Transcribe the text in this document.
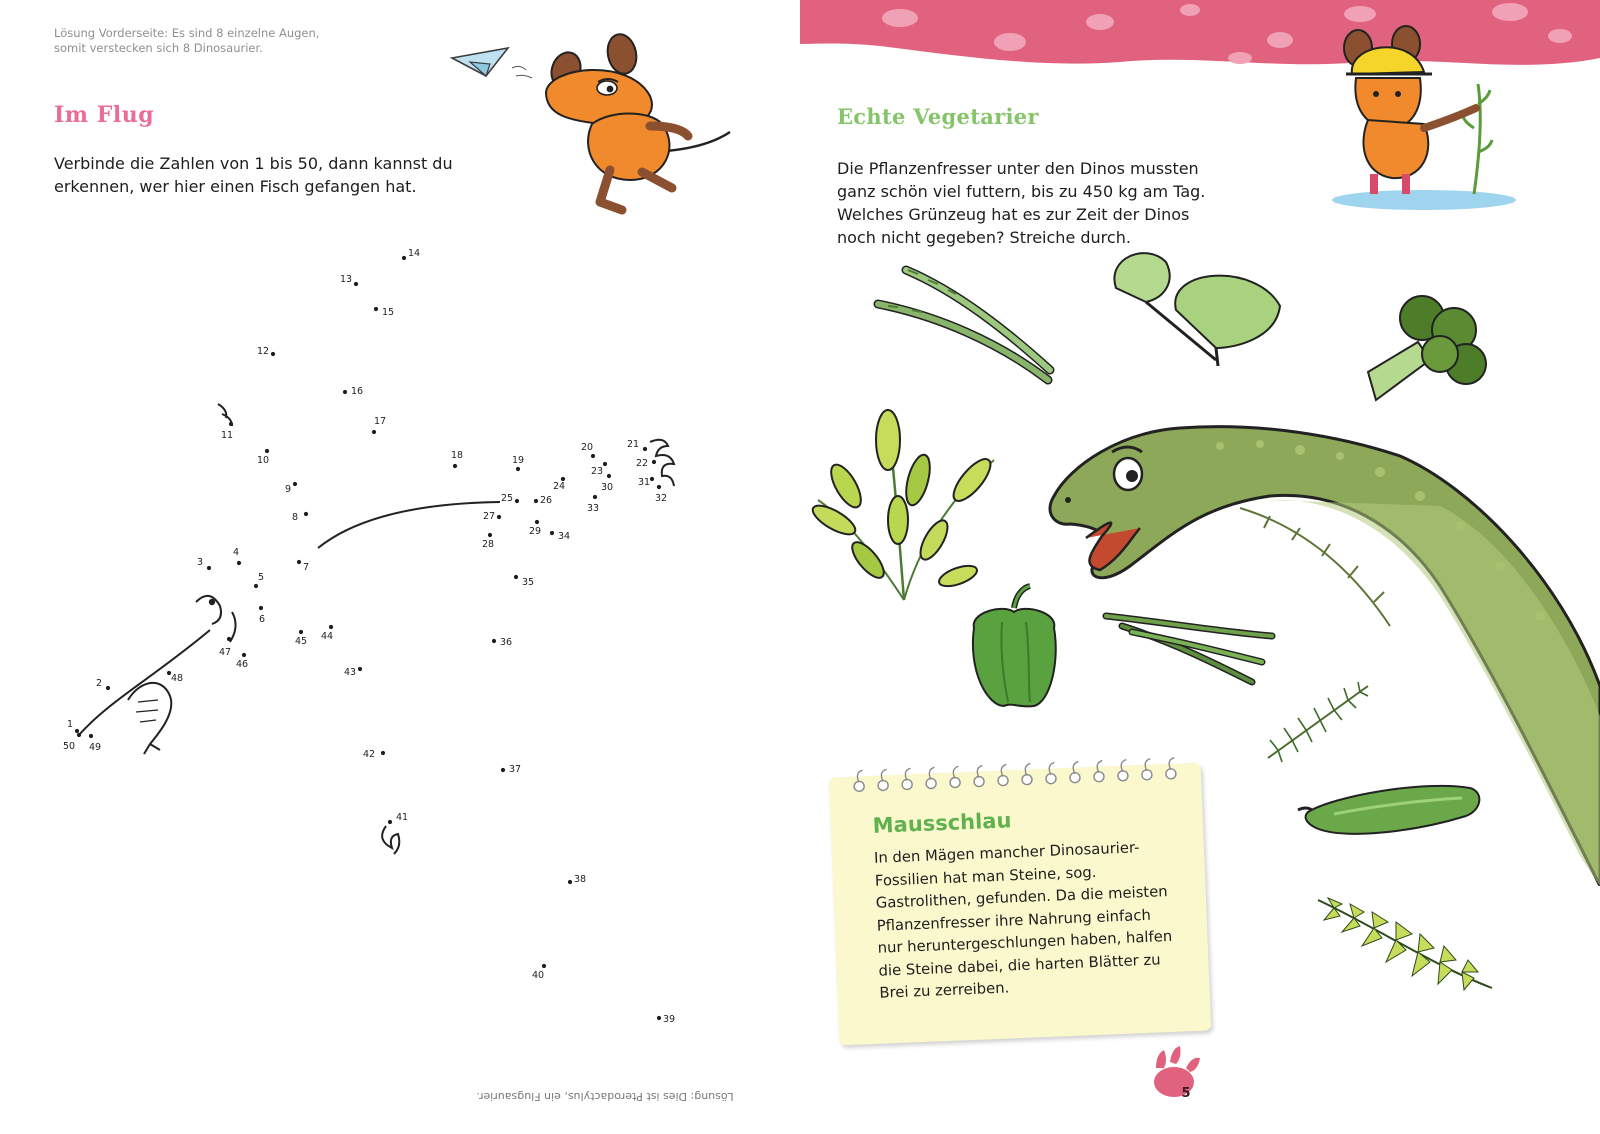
Lösung Vorderseite: Es sind 8 einzelne Augen, somit verstecken sich 8 Dinosaurier.
Im Flug
Verbinde die Zahlen von 1 bis 50, dann kannst du erkennen, wer hier einen Fisch gefangen hat.
1
2
3
4
5
6
7
8
9
10
11
12
13
14
15
16
17
18	19
20	21
22
23
24
25	26
27
28
29
30	31
32
33
34
35
36
37
38
39
40
41
42
43
44
45
46
47
48
49
50
Lösung: Dies ist Pterodactylus, ein Flugsaurier.
Echte Vegetarier
Die Pflanzenfresser unter den Dinos mussten ganz schön viel futtern, bis zu 450 kg am Tag. Welches Grünzeug hat es zur Zeit der Dinos noch nicht gegeben? Streiche durch.
Mausschlau
In den Mägen mancher Dinosaurier-Fossilien hat man Steine, sog. Gastrolithen, gefunden. Da die meisten Pflanzenfresser ihre Nahrung einfach nur heruntergeschlungen haben, halfen die Steine dabei, die harten Blätter zu Brei zu zerreiben.
5
